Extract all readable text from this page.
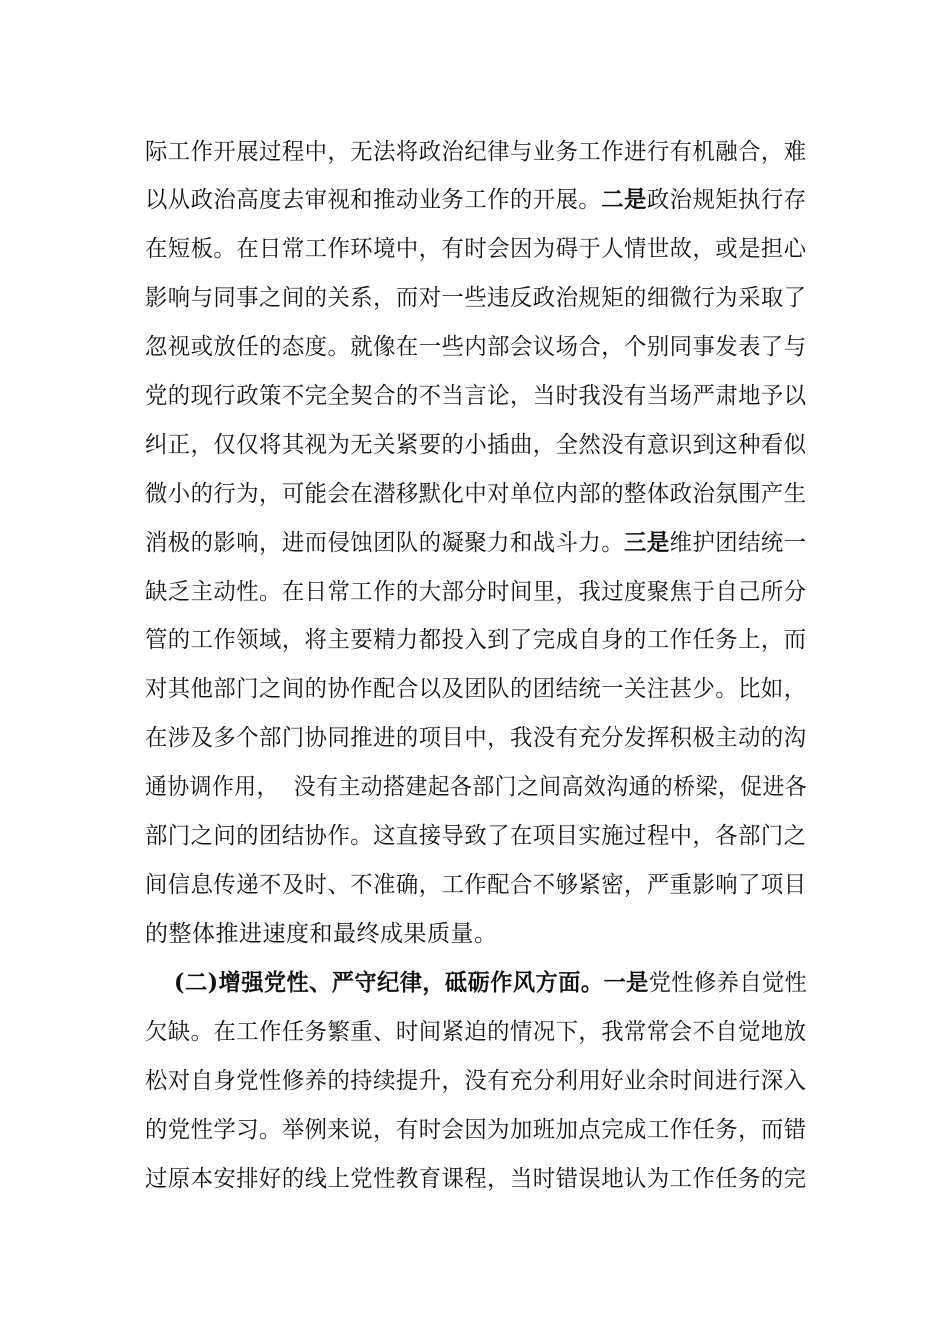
际工作开展过程中，无法将政治纪律与业务工作进行有机融合，难
以从政治高度去审视和推动业务工作的开展。二是政治规矩执行存
在短板。在日常工作环境中，有时会因为碍于人情世故，或是担心
影响与同事之间的关系，而对一些违反政治规矩的细微行为采取了
忽视或放任的态度。就像在一些内部会议场合，个别同事发表了与
党的现行政策不完全契合的不当言论，当时我没有当场严肃地予以
纠正，仅仅将其视为无关紧要的小插曲，全然没有意识到这种看似
微小的行为，可能会在潜移默化中对单位内部的整体政治氛围产生
消极的影响，进而侵蚀团队的凝聚力和战斗力。三是维护团结统一
缺乏主动性。在日常工作的大部分时间里，我过度聚焦于自己所分
管的工作领域，将主要精力都投入到了完成自身的工作任务上，而
对其他部门之间的协作配合以及团队的团结统一关注甚少。比如，
在涉及多个部门协同推进的项目中，我没有充分发挥积极主动的沟
通协调作用，  没有主动搭建起各部门之间高效沟通的桥梁，促进各
部门之问的团结协作。这直接导致了在项目实施过程中，各部门之
间信息传递不及时、不准确，工作配合不够紧密，严重影响了项目
的整体推进速度和最终成果质量。
(二)增强党性、严守纪律，砥砺作风方面。一是党性修养自觉性
欠缺。在工作任务繁重、时间紧迫的情况下，我常常会不自觉地放
松对自身党性修养的持续提升，没有充分利用好业余时间进行深入
的党性学习。举例来说，有时会因为加班加点完成工作任务，而错
过原本安排好的线上党性教育课程，当时错误地认为工作任务的完
